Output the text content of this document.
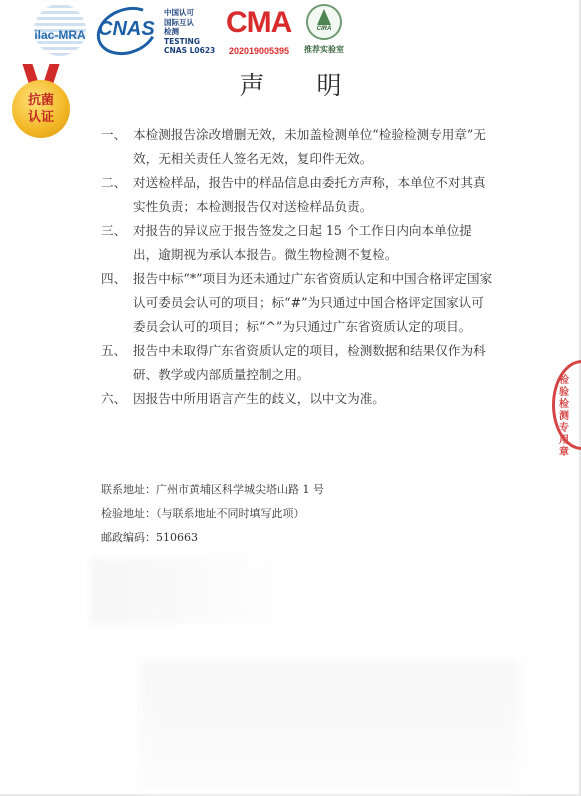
ilac-MRA CNAS
中国认可
国际互认
检测
TESTING
CNAS L0623
CMA
202019005395
CIRA
推荐实验室
抗菌
认证
声明
一、 本检测报告涂改增删无效，未加盖检测单位“检验检测专用章”无效，无相关责任人签名无效，复印件无效。
二、 对送检样品，报告中的样品信息由委托方声称，本单位不对其真实性负责；本检测报告仅对送检样品负责。
三、 对报告的异议应于报告签发之日起 15 个工作日内向本单位提出，逾期视为承认本报告。微生物检测不复检。
四、 报告中标“*”项目为还未通过广东省资质认定和中国合格评定国家认可委员会认可的项目；标“#”为只通过中国合格评定国家认可委员会认可的项目；标“^”为只通过广东省资质认定的项目。
五、 报告中未取得广东省资质认定的项目，检测数据和结果仅作为科研、教学或内部质量控制之用。
六、 因报告中所用语言产生的歧义，以中文为准。
联系地址：广州市黄埔区科学城尖塔山路 1 号
检验地址：（与联系地址不同时填写此项）
邮政编码：510663
检验检测专用章
